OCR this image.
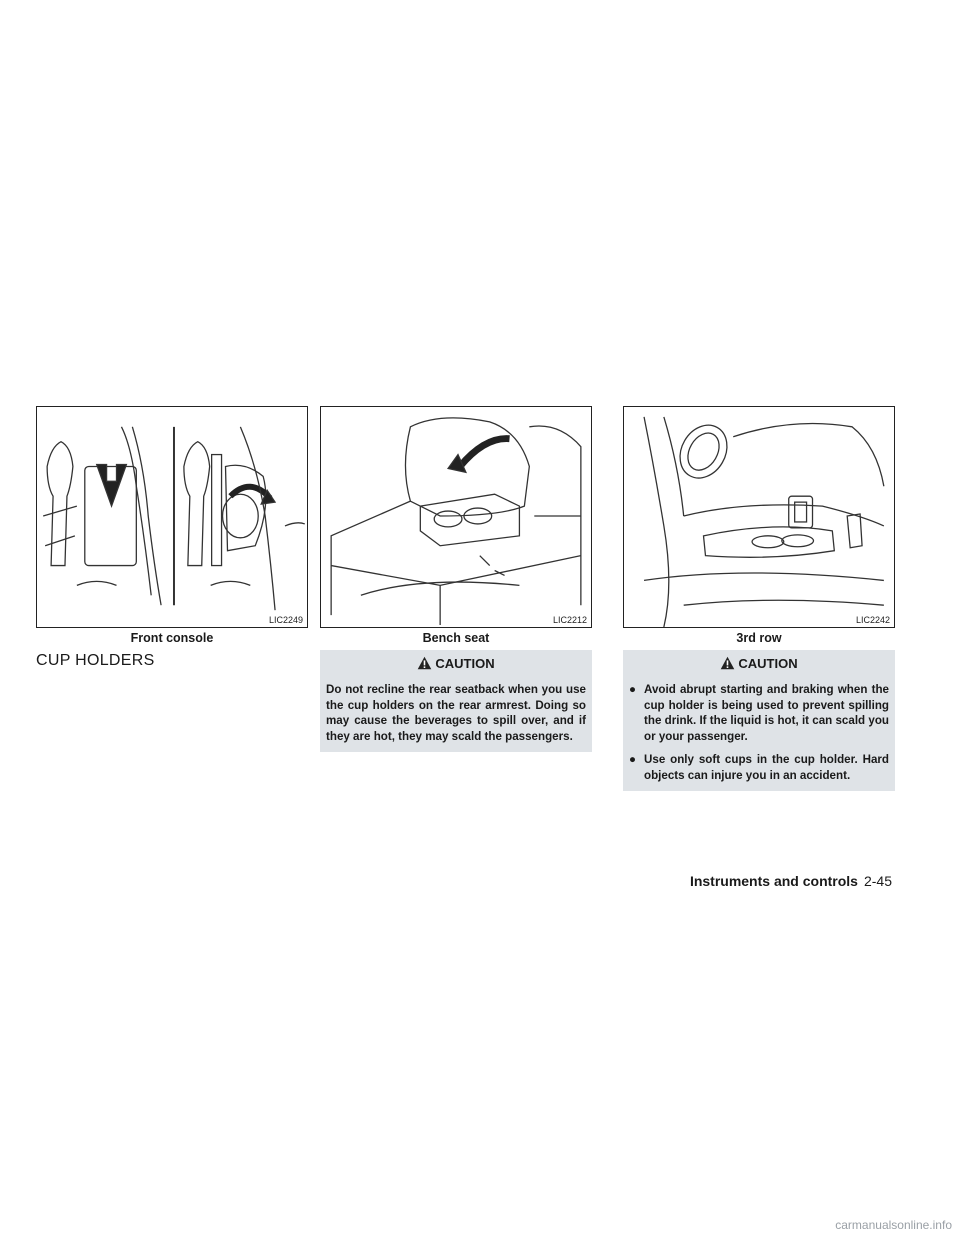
LIC2249
Front console
LIC2212
Bench seat
LIC2242
3rd row
CUP HOLDERS	CAUTION

Do not recline the rear seatback when you use the cup holders on the rear armrest. Doing so may cause the beverages to spill over, and if they are hot, they may scald the passengers.

CAUTION
● Avoid abrupt starting and braking when the cup holder is being used to prevent spilling the drink. If the liquid is hot, it can scald you or your passenger.
● Use only soft cups in the cup holder. Hard objects can injure you in an accident.
Instruments and controls 2-45
carmanualsonline.info
